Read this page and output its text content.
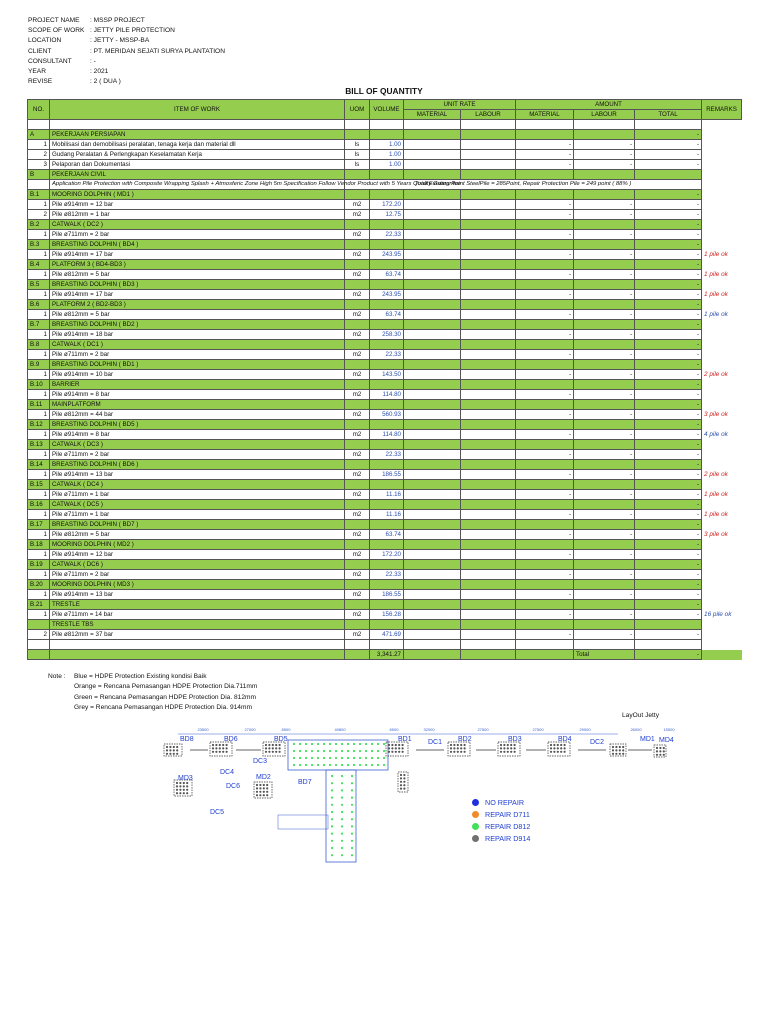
PROJECT NAME	: MSSP PROJECT
SCOPE OF WORK : JETTY PILE PROTECTION
LOCATION	: JETTY - MSSP-BA
CLIENT	: PT. MERIDAN SEJATI SURYA PLANTATION
CONSULTANT	: -
YEAR	: 2021
REVISE	: 2 ( DUA )
BILL OF QUANTITY
NO.	ITEM OF WORK	UOM	VOLUME	UNIT RATE		AMOUNT			REMARKS
				MATERIAL	LABOUR	MATERIAL	LABOUR	TOTAL	

A	PEKERJAAN PERSIAPAN							-	
1	Mobilisasi dan demobilisasi peralatan, tenaga kerja dan material dll	ls	1.00			-	-	-	
2	Gudang Peralatan & Perlengkapan Keselamatan Kerja	ls	1.00			-	-	-	
3	Pelaporan dan Dokumentasi	ls	1.00			-	-	-	
B	PEKERJAAN CIVIL								
	Application Pile Protection with Composite Wrapping Splash + Atmosferic Zone High 5m Specification Follow Vendor Product with 5 Years Quality Guarantee	Total Existing Point SteelPile = 285Point, Repair Protection Pile = 249 point ( 88% )							
B.1	MOORING DOLPHIN ( MD1 )							-	
1	Pile ø914mm = 12 bar	m2	172.20			-	-	-	
2	Pile ø812mm = 1 bar	m2	12.75			-	-	-	
B.2	CATWALK ( DC2 )							-	
1	Pile ø711mm = 2 bar	m2	22.33			-	-	-	
B.3	BREASTING DOLPHIN ( BD4 )							-	
1	Pile ø914mm = 17 bar	m2	243.95			-	-	-	1 pile ok
B.4	PLATFORM 3 ( BD4-BD3 )							-	
1	Pile ø812mm = 5 bar	m2	63.74			-	-	-	1 pile ok
B.5	BREASTING DOLPHIN ( BD3 )							-	
1	Pile ø914mm = 17 bar	m2	243.95			-	-	-	1 pile ok
B.6	PLATFORM 2 ( BD2-BD3 )							-	
1	Pile ø812mm = 5 bar	m2	63.74			-	-	-	1 pile ok
B.7	BREASTING DOLPHIN ( BD2 )							-	
1	Pile ø914mm = 18 bar	m2	258.30			-	-	-	
B.8	CATWALK ( DC1 )							-	
1	Pile ø711mm = 2 bar	m2	22.33			-	-	-	
B.9	BREASTING DOLPHIN ( BD1 )							-	
1	Pile ø914mm = 10 bar	m2	143.50			-	-	-	2 pile ok
B.10	BARRIER							-	
1	Pile ø914mm = 8 bar	m2	114.80			-	-	-	
B.11	MAINPLATFORM							-	
1	Pile ø812mm = 44 bar	m2	560.93			-	-	-	3 pile ok
B.12	BREASTING DOLPHIN ( BD5 )							-	
1	Pile ø914mm = 8 bar	m2	114.80			-	-	-	4 pile ok
B.13	CATWALK ( DC3 )							-	
1	Pile ø711mm = 2 bar	m2	22.33			-	-	-	
B.14	BREASTING DOLPHIN ( BD6 )							-	
1	Pile ø914mm = 13 bar	m2	186.55			-	-	-	2 pile ok
B.15	CATWALK ( DC4 )							-	
1	Pile ø711mm = 1 bar	m2	11.16			-	-	-	1 pile ok
B.16	CATWALK ( DC5 )							-	
1	Pile ø711mm = 1 bar	m2	11.16			-	-	-	1 pile ok
B.17	BREASTING DOLPHIN ( BD7 )							-	
1	Pile ø812mm = 5 bar	m2	63.74			-	-	-	3 pile ok
B.18	MOORING DOLPHIN ( MD2 )							-	
1	Pile ø914mm = 12 bar	m2	172.20			-	-	-	
B.19	CATWALK ( DC6 )							-	
1	Pile ø711mm = 2 bar	m2	22.33			-	-	-	
B.20	MOORING DOLPHIN ( MD3 )							-	
1	Pile ø914mm = 13 bar	m2	186.55			-	-	-	
B.21	TRESTLE							-	
1	Pile ø711mm = 14 bar	m2	156.28			-	-	-	16 pile ok
	TRESTLE TBS								
2	Pile ø812mm = 37 bar	m2	471.69			-	-	-	

			3,341.27				Total	-	
Note :	Blue = HDPE Protection Existing kondisi Baik
Orange = Rencana Pemasangan HDPE Protection Dia.711mm
Green = Rencana Pemasangan HDPE Protection Dia. 812mm
Grey = Rencana Pemasangan HDPE Protection Dia. 914mm
LayOut Jetty
23500	27000	8500	49800	8500	32000	27500	27500	29000	26000	15500
BD8	BD6	BD5
DC3
BD1 DC1 BD2	BD3	BD4	DC2	MD1 MD4
MD3
DC6
MD2
BD7
DC4
DC5
NO REPAIR
REPAIR D711
REPAIR D812
REPAIR D914
